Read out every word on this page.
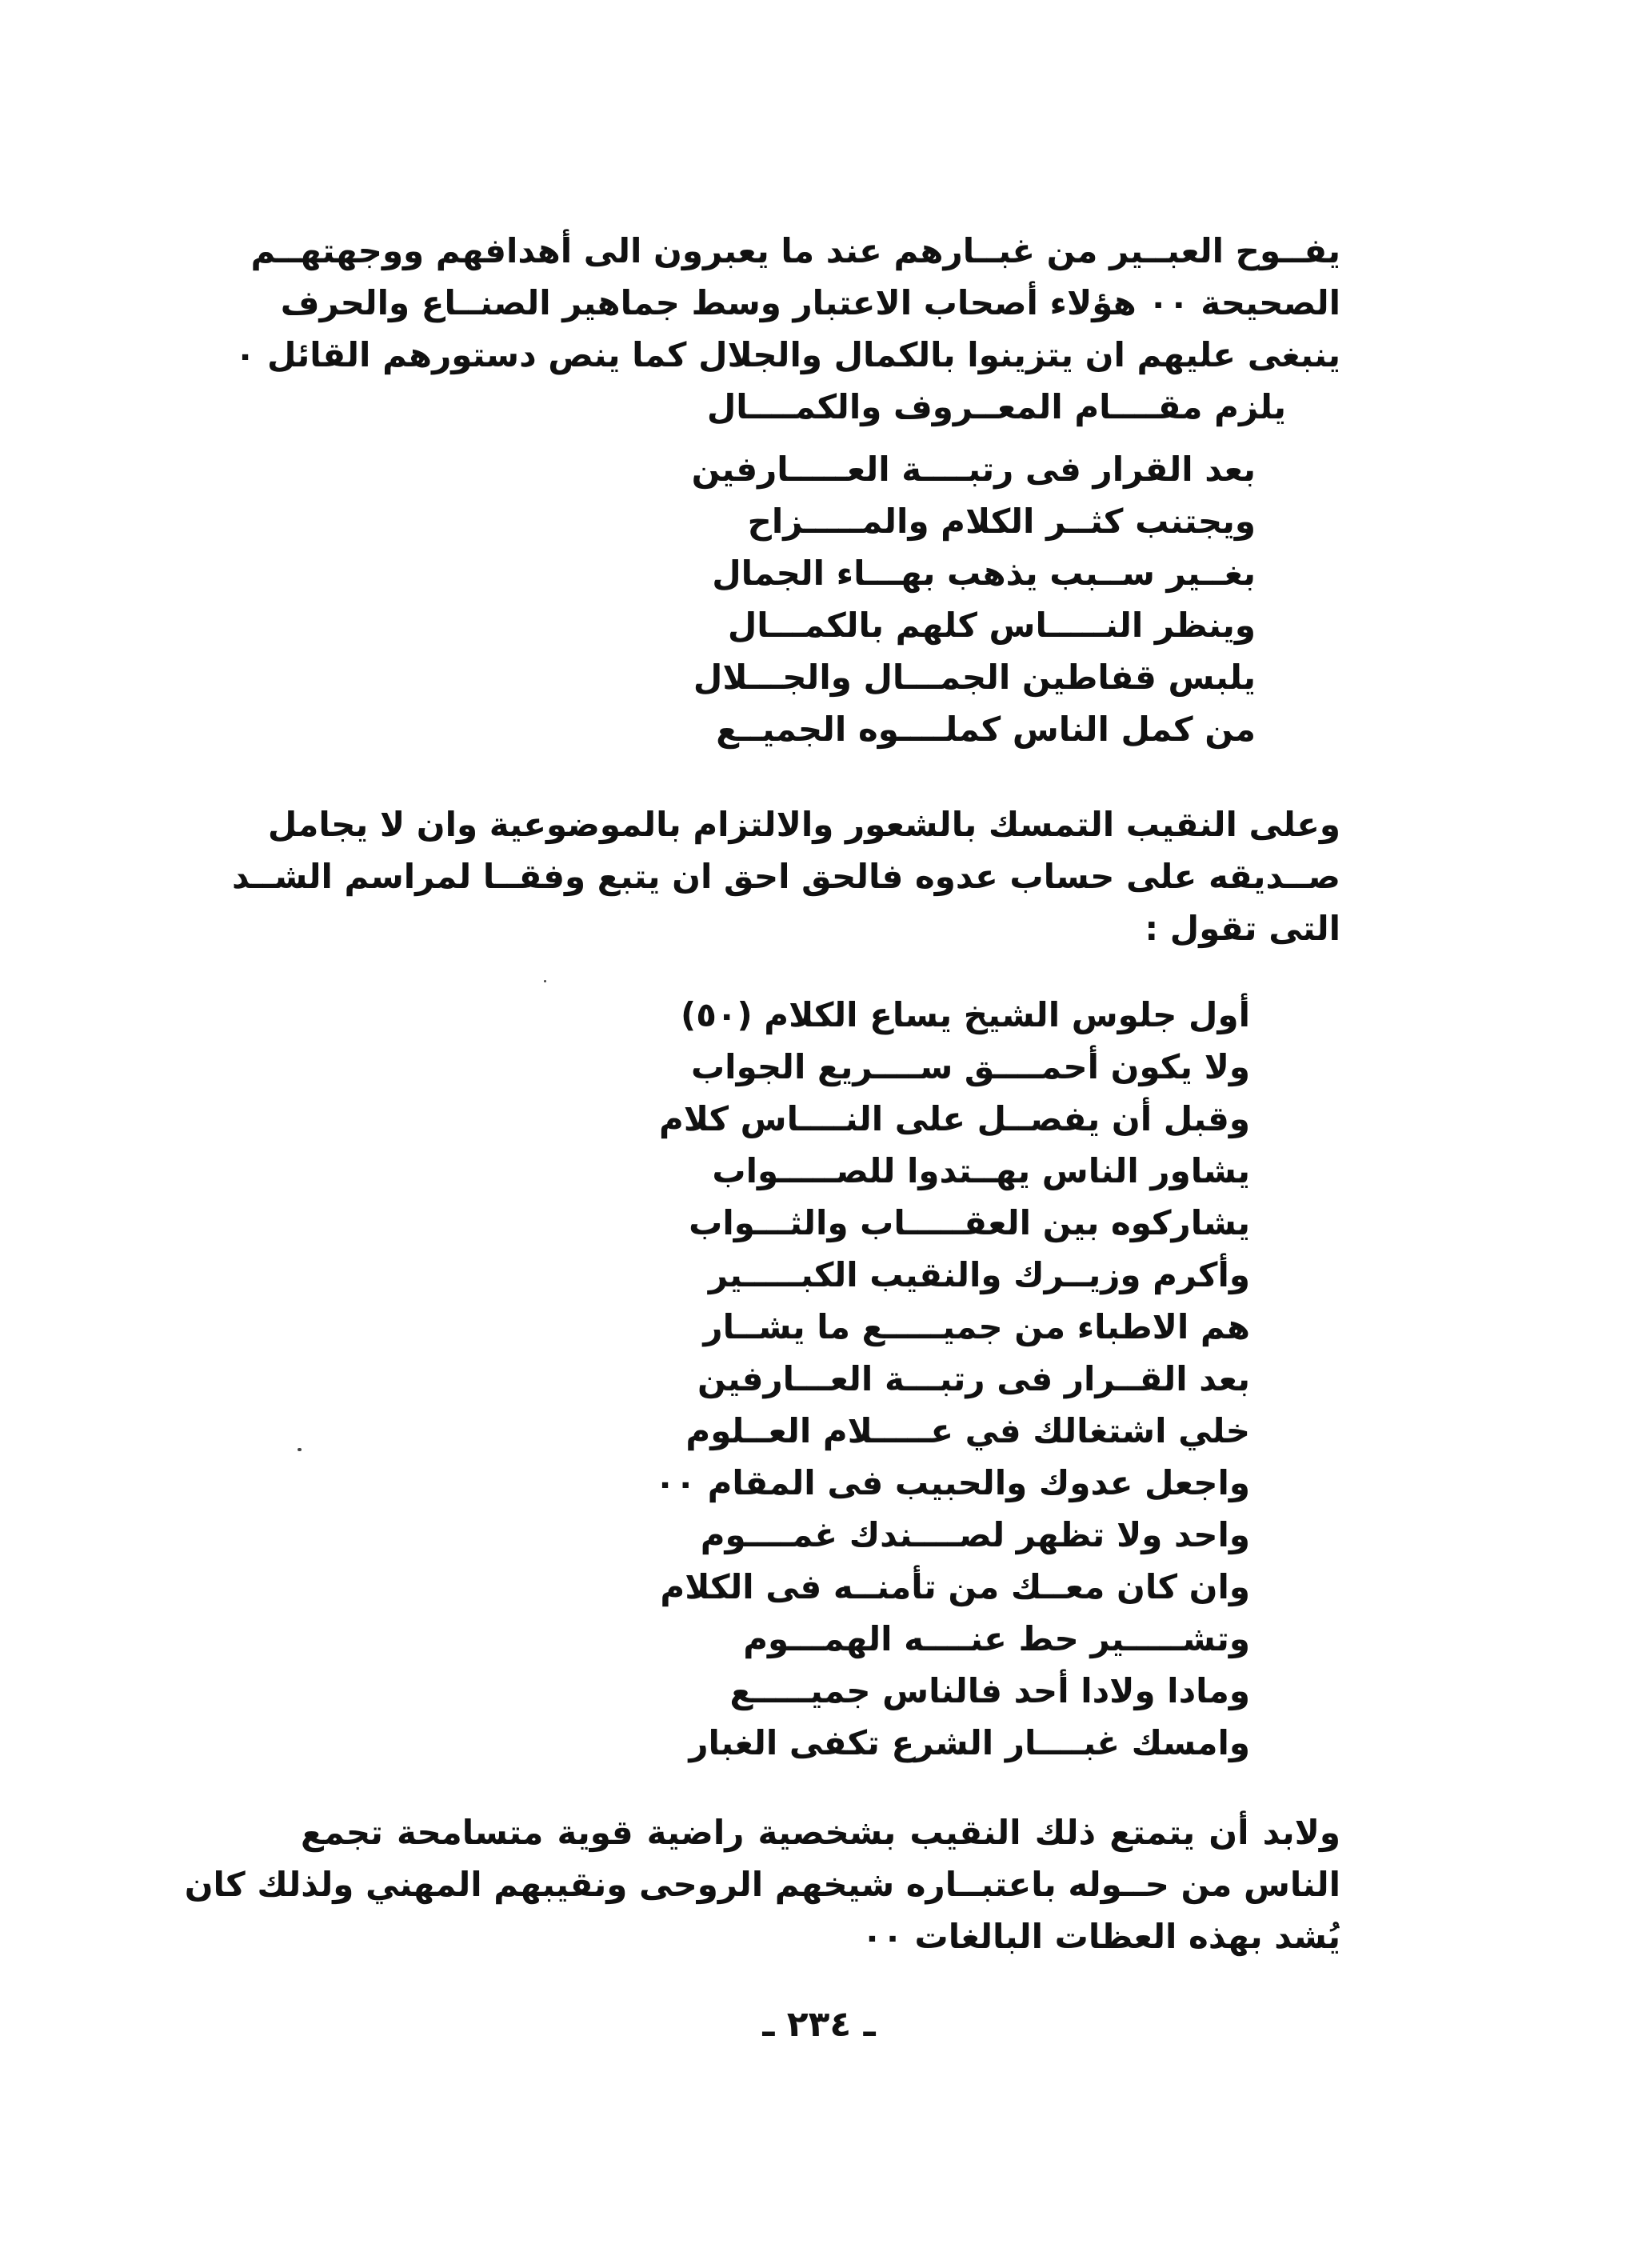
يفــوح العبــير من غبــارهم عند ما يعبرون الى أهدافهم ووجهتهــم
الصحيحة ٠٠ هؤلاء أصحاب الاعتبار وسط جماهير الصنــاع والحرف
ينبغى عليهم ان يتزينوا بالكمال والجلال كما ينص دستورهم القائل ٠
يلزم مقــــام المعــروف والكمــــال
بعد القرار فى رتبــــة العـــــارفين
ويجتنب كثــر الكلام والمـــــزاح
بغــير ســبب يذهب بهـــاء الجمال
وينظر النـــــاس كلهم بالكمـــال
يلبس قفاطين الجمـــال والجـــلال
من كمل الناس كملــــوه الجميــع
وعلى النقيب التمسك بالشعور والالتزام بالموضوعية وان لا يجامل
صــديقه على حساب عدوه فالحق احق ان يتبع وفقــا لمراسم الشــد
التى تقول :
أول جلوس الشيخ يساع الكلام (٥٠)
ولا يكون أحمــــق ســــريع الجواب
وقبل أن يفصــل على النــــاس كلام
يشاور الناس يهــتدوا للصـــــواب
يشاركوه بين العقـــــاب والثـــواب
وأكرم وزيــرك والنقيب الكبـــــير
هم الاطباء من جميـــــع ما يشــار
بعد القــرار فى رتبـــة العـــارفين
خلي اشتغالك في عـــــلام العــلوم
واجعل عدوك والحبيب فى المقام ٠٠
واحد ولا تظهر لصــــندك غمــــوم
وان كان معــك من تأمنــه فى الكلام
وتشـــــير حط عنــــه الهمـــوم
ومادا ولادا أحد فالناس جميـــــع
وامسك غبــــار الشرع تكفى الغبار
ولابد أن يتمتع ذلك النقيب بشخصية راضية قوية متسامحة تجمع
الناس من حــوله باعتبــاره شيخهم الروحى ونقيبهم المهني ولذلك كان
يُشد بهذه العظات البالغات ٠٠
ـ ٢٣٤ ـ
